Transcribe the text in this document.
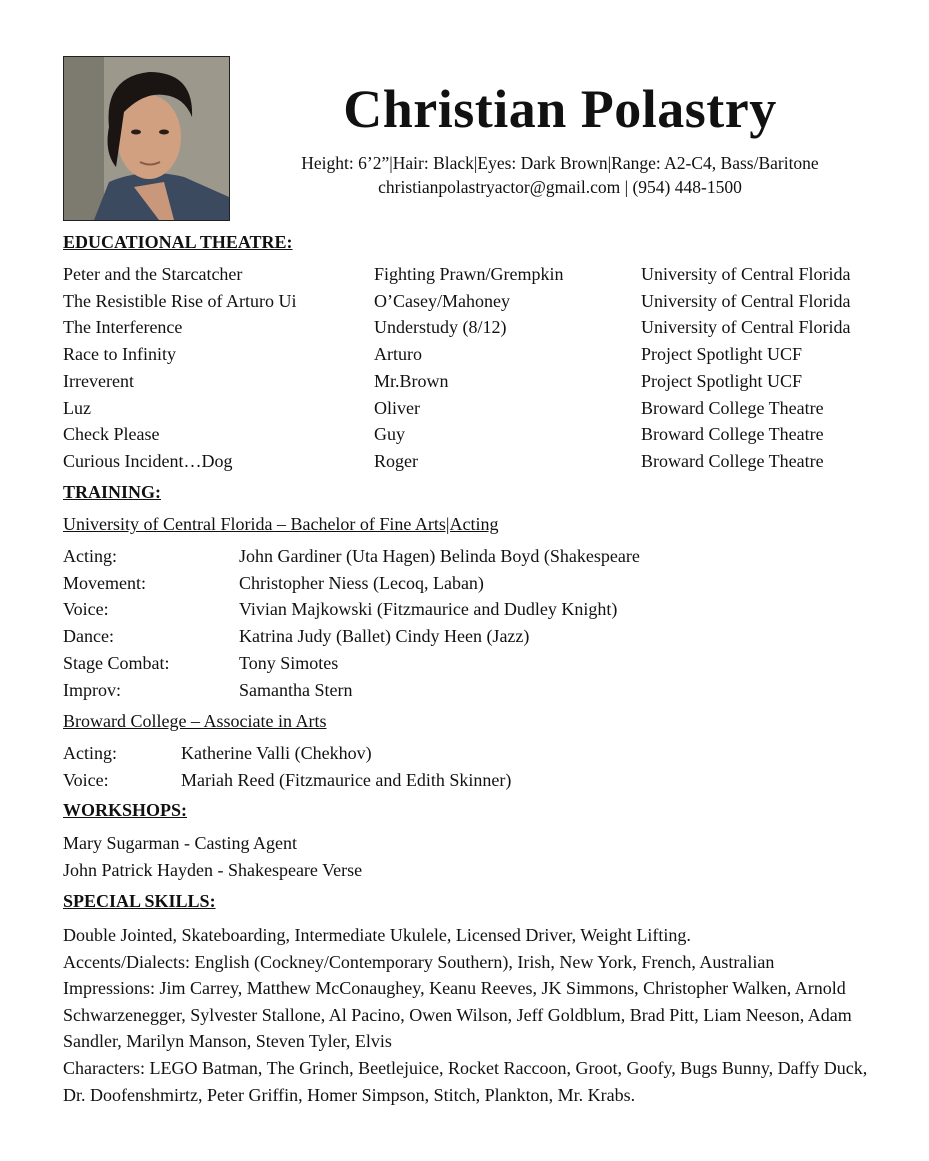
Christian Polastry
Height: 6’2”|Hair: Black|Eyes: Dark Brown|Range: A2-C4, Bass/Baritone
christianpolastryactor@gmail.com | (954) 448-1500
EDUCATIONAL THEATRE:
Peter and the Starcatcher	Fighting Prawn/Grempkin	University of Central Florida
The Resistible Rise of Arturo Ui	O’Casey/Mahoney	University of Central Florida
The Interference	Understudy (8/12)	University of Central Florida
Race to Infinity	Arturo	Project Spotlight UCF
Irreverent	Mr.Brown	Project Spotlight UCF
Luz	Oliver	Broward College Theatre
Check Please	Guy	Broward College Theatre
Curious Incident…Dog	Roger	Broward College Theatre
TRAINING:
University of Central Florida – Bachelor of Fine Arts|Acting
Acting:	John Gardiner (Uta Hagen) Belinda Boyd (Shakespeare
Movement:	Christopher Niess (Lecoq, Laban)
Voice:	Vivian Majkowski (Fitzmaurice and Dudley Knight)
Dance:	Katrina Judy (Ballet) Cindy Heen (Jazz)
Stage Combat:	Tony Simotes
Improv:	Samantha Stern
Broward College – Associate in Arts
Acting:	Katherine Valli (Chekhov)
Voice:	Mariah Reed (Fitzmaurice and Edith Skinner)
WORKSHOPS:
Mary Sugarman - Casting Agent
John Patrick Hayden - Shakespeare Verse
SPECIAL SKILLS:

Double Jointed, Skateboarding, Intermediate Ukulele, Licensed Driver, Weight Lifting.

Accents/Dialects: English (Cockney/Contemporary Southern), Irish, New York, French, Australian

Impressions: Jim Carrey, Matthew McConaughey, Keanu Reeves, JK Simmons, Christopher Walken, Arnold Schwarzenegger, Sylvester Stallone, Al Pacino, Owen Wilson, Jeff Goldblum, Brad Pitt, Liam Neeson, Adam Sandler, Marilyn Manson, Steven Tyler, Elvis

Characters: LEGO Batman, The Grinch, Beetlejuice, Rocket Raccoon, Groot, Goofy, Bugs Bunny, Daffy Duck, Dr. Doofenshmirtz, Peter Griffin, Homer Simpson, Stitch, Plankton, Mr. Krabs.
